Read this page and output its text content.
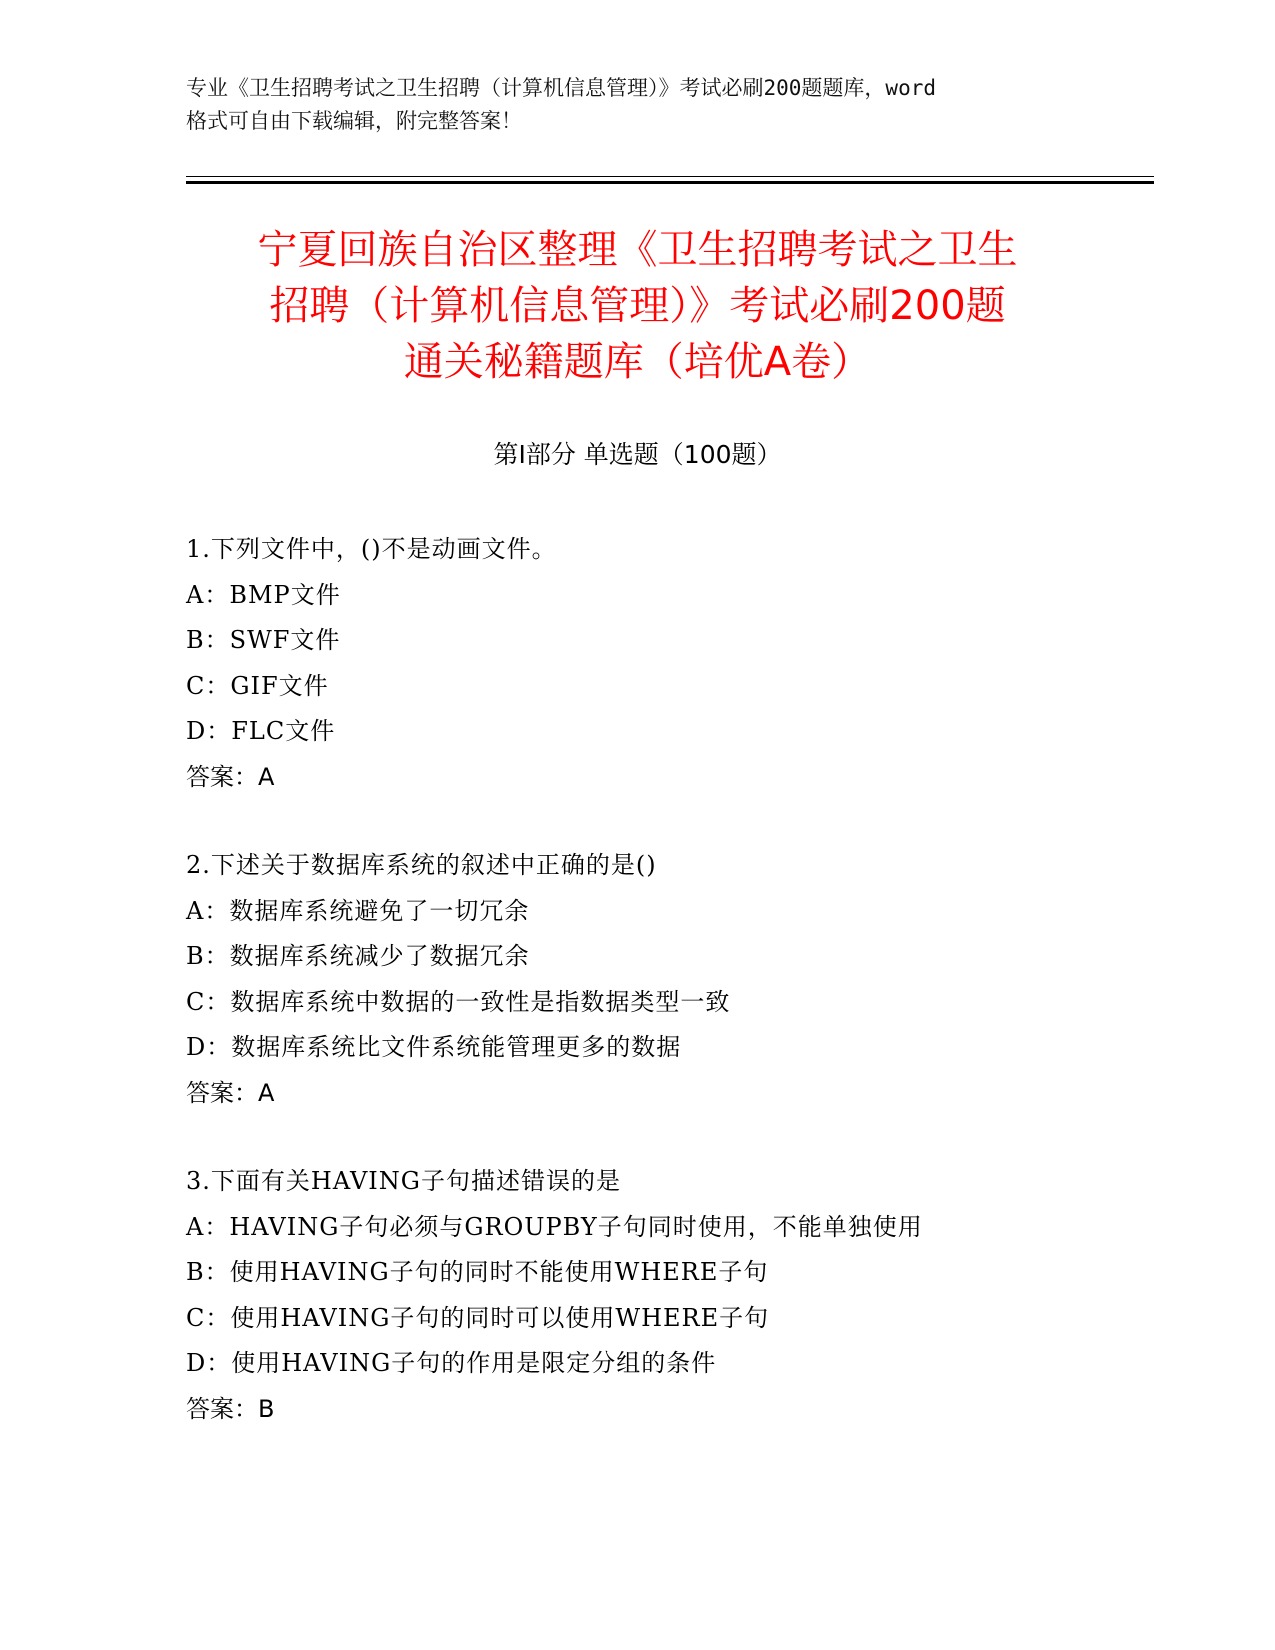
专业《卫生招聘考试之卫生招聘（计算机信息管理）》考试必刷200题题库，word
格式可自由下载编辑，附完整答案！
宁夏回族自治区整理《卫生招聘考试之卫生
招聘（计算机信息管理）》考试必刷200题
通关秘籍题库（培优A卷）
第Ⅰ部分 单选题（100题）
1.下列文件中，()不是动画文件。
A：BMP文件
B：SWF文件
C：GIF文件
D：FLC文件
答案：A
2.下述关于数据库系统的叙述中正确的是()
A：数据库系统避免了一切冗余
B：数据库系统减少了数据冗余
C：数据库系统中数据的一致性是指数据类型一致
D：数据库系统比文件系统能管理更多的数据
答案：A
3.下面有关HAVING子句描述错误的是
A：HAVING子句必须与GROUPBY子句同时使用，不能单独使用
B：使用HAVING子句的同时不能使用WHERE子句
C：使用HAVING子句的同时可以使用WHERE子句
D：使用HAVING子句的作用是限定分组的条件
答案：B
